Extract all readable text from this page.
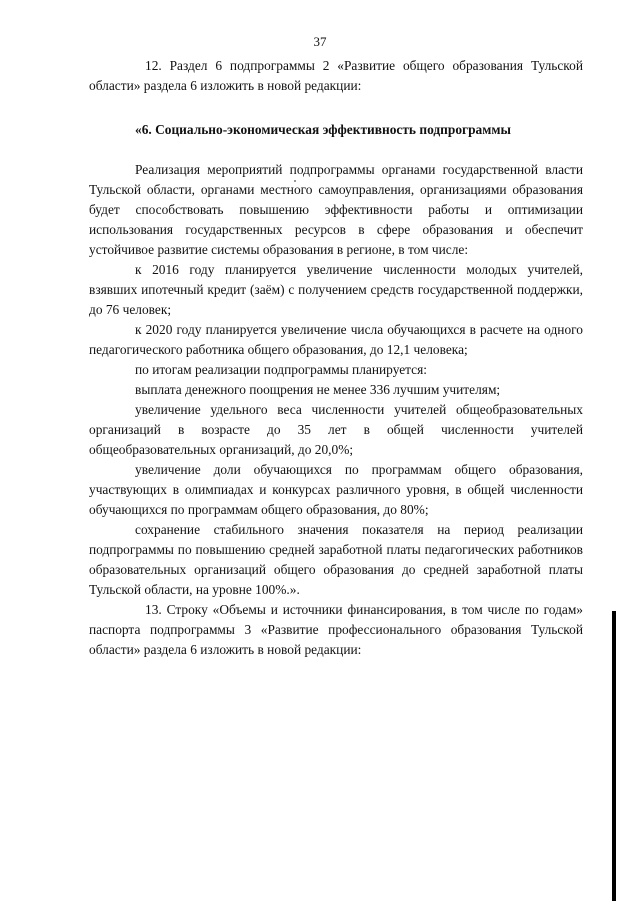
37

12. Раздел 6 подпрограммы 2 «Развитие общего образования Тульской области» раздела 6 изложить в новой редакции:

«6. Социально-экономическая эффективность подпрограммы

Реализация мероприятий подпрограммы органами государственной власти Тульской области, органами местного самоуправления, организациями образования будет способствовать повышению эффективности работы и оптимизации использования государственных ресурсов в сфере образования и обеспечит устойчивое развитие системы образования в регионе, в том числе:

к 2016 году планируется увеличение численности молодых учителей, взявших ипотечный кредит (заём) с получением средств государственной поддержки, до 76 человек;

к 2020 году планируется увеличение числа обучающихся в расчете на одного педагогического работника общего образования, до 12,1 человека;

по итогам реализации подпрограммы планируется:

выплата денежного поощрения не менее 336 лучшим учителям;

увеличение удельного веса численности учителей общеобразовательных организаций в возрасте до 35 лет в общей численности учителей общеобразовательных организаций, до 20,0%;

увеличение доли обучающихся по программам общего образования, участвующих в олимпиадах и конкурсах различного уровня, в общей численности обучающихся по программам общего образования, до 80%;

сохранение стабильного значения показателя на период реализации подпрограммы по повышению средней заработной платы педагогических работников образовательных организаций общего образования до средней заработной платы Тульской области, на уровне 100%.».

13. Строку «Объемы и источники финансирования, в том числе по годам» паспорта подпрограммы 3 «Развитие профессионального образования Тульской области» раздела 6 изложить в новой редакции:
